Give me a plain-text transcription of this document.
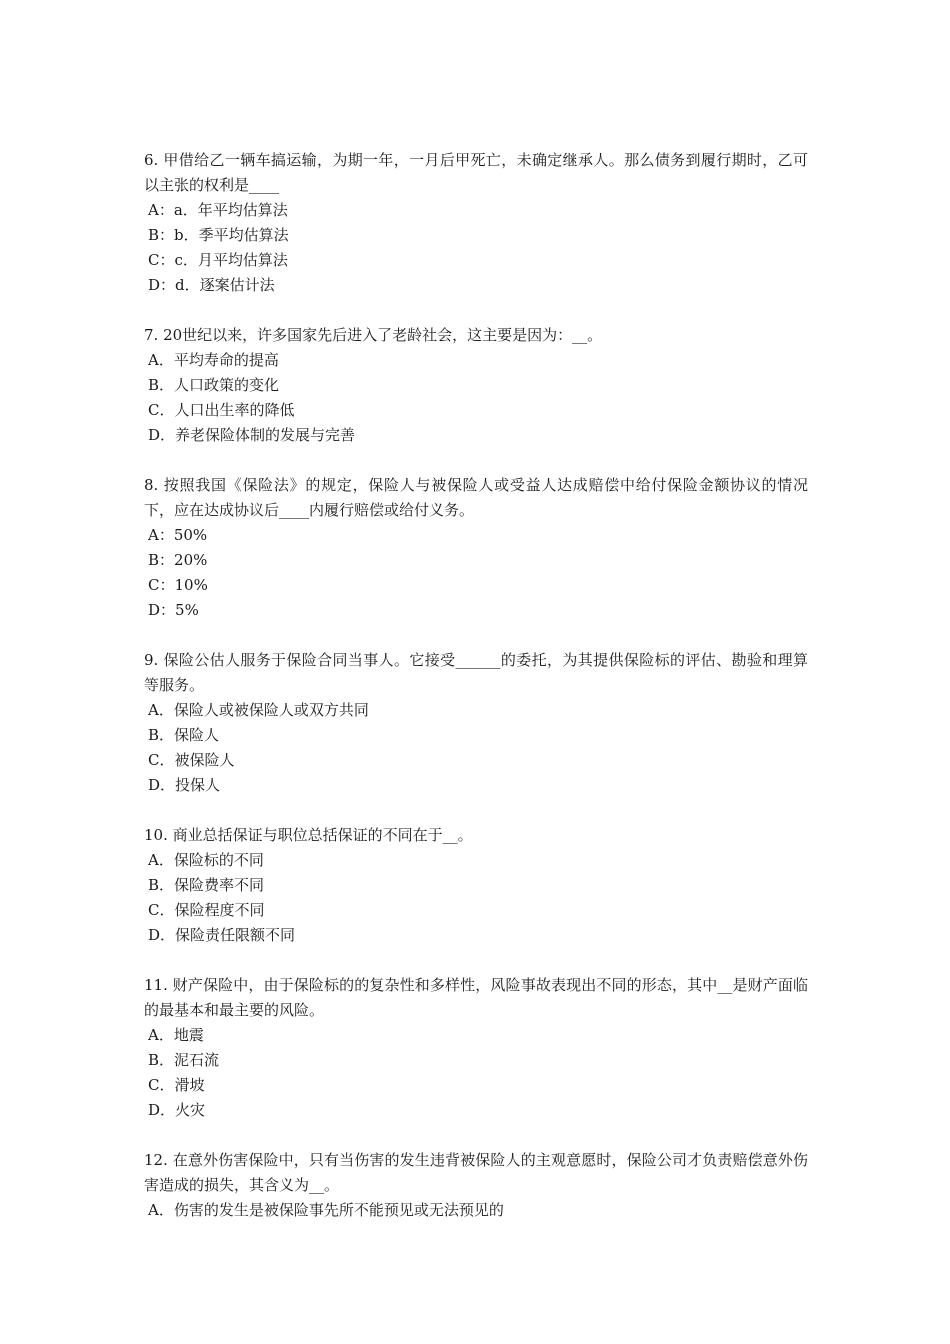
6. 甲借给乙一辆车搞运输，为期一年，一月后甲死亡，未确定继承人。那么债务到履行期时，乙可以主张的权利是____

A：a．年平均估算法

B：b．季平均估算法

C：c．月平均估算法

D：d．逐案估计法

7. 20世纪以来，许多国家先后进入了老龄社会，这主要是因为：__。

A．平均寿命的提高

B．人口政策的变化

C．人口出生率的降低

D．养老保险体制的发展与完善

8. 按照我国《保险法》的规定，保险人与被保险人或受益人达成赔偿中给付保险金额协议的情况下，应在达成协议后____内履行赔偿或给付义务。

A：50%

B：20%

C：10%

D：5%

9. 保险公估人服务于保险合同当事人。它接受______的委托，为其提供保险标的评估、勘验和理算等服务。

A．保险人或被保险人或双方共同

B．保险人

C．被保险人

D．投保人

10. 商业总括保证与职位总括保证的不同在于__。

A．保险标的不同

B．保险费率不同

C．保险程度不同

D．保险责任限额不同

11. 财产保险中，由于保险标的的复杂性和多样性，风险事故表现出不同的形态，其中__是财产面临的最基本和最主要的风险。

A．地震

B．泥石流

C．滑坡

D．火灾

12. 在意外伤害保险中，只有当伤害的发生违背被保险人的主观意愿时，保险公司才负责赔偿意外伤害造成的损失，其含义为__。

A．伤害的发生是被保险事先所不能预见或无法预见的
